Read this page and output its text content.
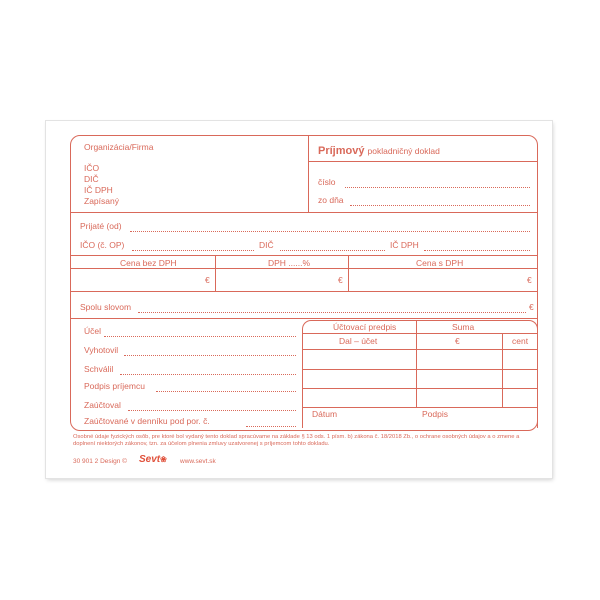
Organizácia/Firma
IČO
DIČ
IČ DPH
Zapísaný
Príjmový pokladničný doklad
číslo
zo dňa
Prijaté (od)
IČO (č. OP)	DIČ	IČ DPH
Cena bez DPH	DPH ......%	Cena s DPH
€	€	€
Spolu slovom	€
Účel
Vyhotovil
Schválil
Podpis príjemcu
Zaúčtoval
Zaúčtované v denníku pod por. č.
Účtovací predpis	Suma
Dal – účet	€	cent
Dátum	Podpis
Osobné údaje fyzických osôb, pre ktoré bol vydaný tento doklad spracúvame na základe § 13 ods. 1 písm. b) zákona č. 18/2018 Zb., o ochrane osobných údajov a o zmene a doplnení niektorých zákonov, tzn. za účelom plnenia zmluvy uzatvorenej s príjemcom tohto dokladu.
30 901 2 Design © Sevt❀ www.sevt.sk
